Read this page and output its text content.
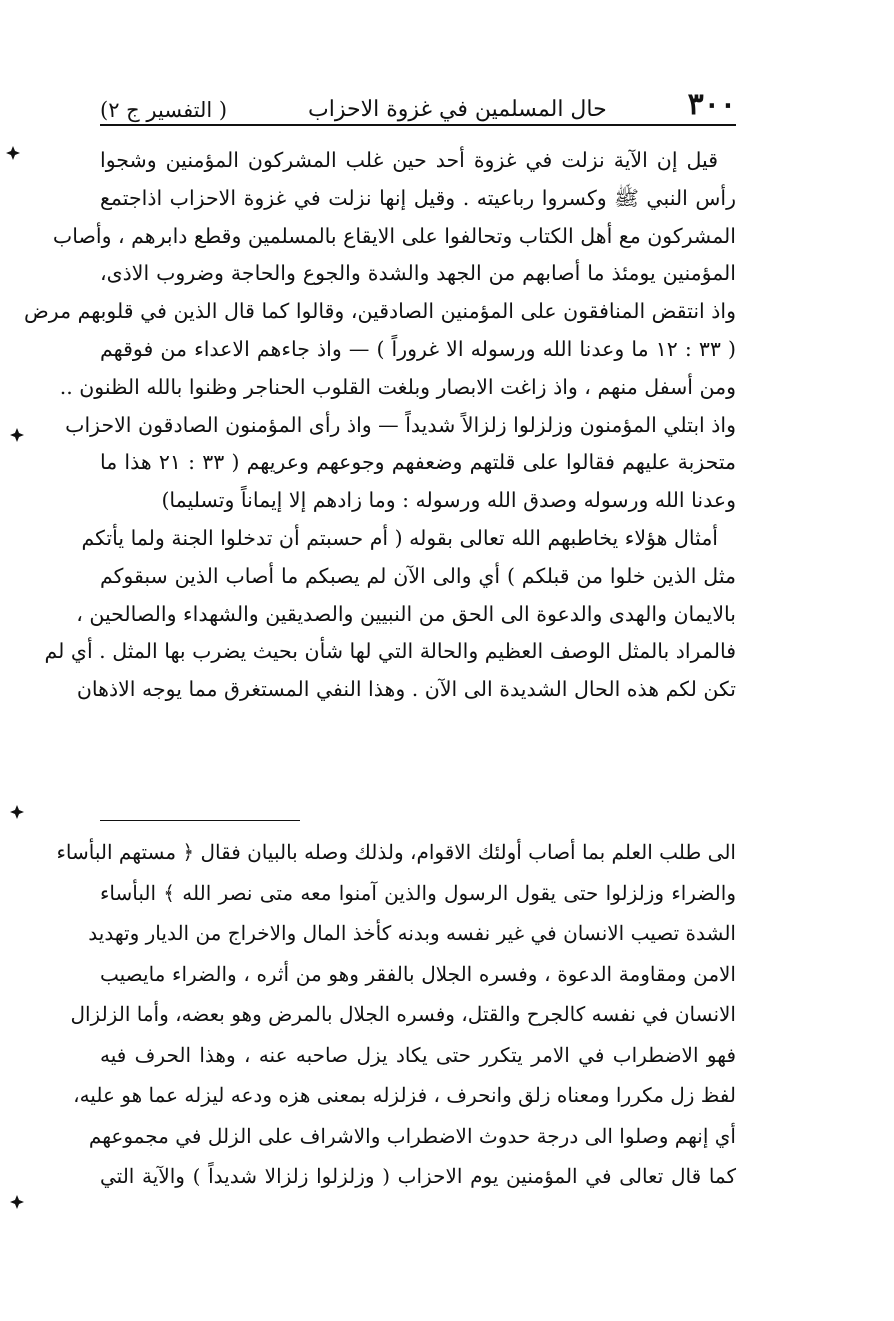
٣٠٠
حال المسلمين في غزوة الاحزاب
( التفسير ج ٢)
قيل إن الآية نزلت في غزوة أحد حين غلب المشركون المؤمنين وشجوا
رأس النبي ﷺ وكسروا رباعيته . وقيل إنها نزلت في غزوة الاحزاب اذاجتمع
المشركون مع أهل الكتاب وتحالفوا على الايقاع بالمسلمين وقطع دابرهم ، وأصاب
المؤمنين يومئذ ما أصابهم من الجهد والشدة والجوع والحاجة وضروب الاذى،
واذ انتقض المنافقون على المؤمنين الصادقين، وقالوا كما قال الذين في قلوبهم مرض
( ٣٣ : ١٢ ما وعدنا الله ورسوله الا غروراً ) — واذ جاءهم الاعداء من فوقهم
ومن أسفل منهم ، واذ زاغت الابصار وبلغت القلوب الحناجر وظنوا بالله الظنون ..
واذ ابتلي المؤمنون وزلزلوا زلزالاً شديداً — واذ رأى المؤمنون الصادقون الاحزاب
متحزبة عليهم فقالوا على قلتهم وضعفهم وجوعهم وعريهم ( ٣٣ : ٢١ هذا ما
وعدنا الله ورسوله وصدق الله ورسوله : وما زادهم إلا إيماناً وتسليما)
أمثال هؤلاء يخاطبهم الله تعالى بقوله ( أم حسبتم أن تدخلوا الجنة ولما يأتكم
مثل الذين خلوا من قبلكم ) أي والى الآن لم يصبكم ما أصاب الذين سبقوكم
بالايمان والهدى والدعوة الى الحق من النبيين والصديقين والشهداء والصالحين ،
فالمراد بالمثل الوصف العظيم والحالة التي لها شأن بحيث يضرب بها المثل . أي لم
تكن لكم هذه الحال الشديدة الى الآن . وهذا النفي المستغرق مما يوجه الاذهان
الى طلب العلم بما أصاب أولئك الاقوام، ولذلك وصله بالبيان فقال ﴿ مستهم البأساء
والضراء وزلزلوا حتى يقول الرسول والذين آمنوا معه متى نصر الله ﴾ البأساء
الشدة تصيب الانسان في غير نفسه وبدنه كأخذ المال والاخراج من الديار وتهديد
الامن ومقاومة الدعوة ، وفسره الجلال بالفقر وهو من أثره ، والضراء مايصيب
الانسان في نفسه كالجرح والقتل، وفسره الجلال بالمرض وهو بعضه، وأما الزلزال
فهو الاضطراب في الامر يتكرر حتى يكاد يزل صاحبه عنه ، وهذا الحرف فيه
لفظ زل مكررا ومعناه زلق وانحرف ، فزلزله بمعنى هزه ودعه ليزله عما هو عليه،
أي إنهم وصلوا الى درجة حدوث الاضطراب والاشراف على الزلل في مجموعهم
كما قال تعالى في المؤمنين يوم الاحزاب ( وزلزلوا زلزالا شديداً ) والآية التي
